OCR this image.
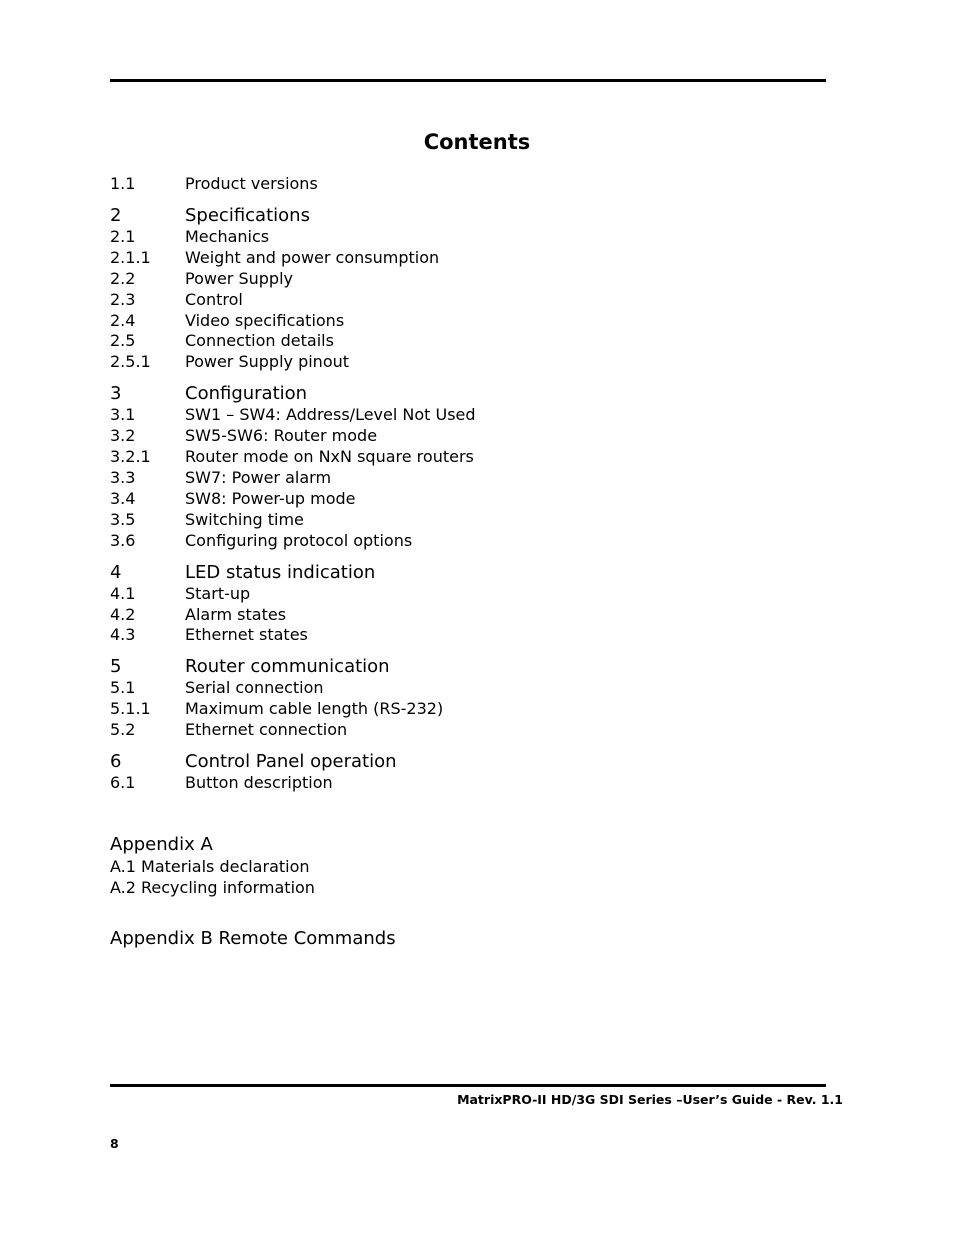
Contents
1.1	Product versions
2	Specifications
2.1	Mechanics
2.1.1	Weight and power consumption
2.2	Power Supply
2.3	Control
2.4	Video specifications
2.5	Connection details
2.5.1	Power Supply pinout
3	Configuration
3.1	SW1 – SW4: Address/Level Not Used
3.2	SW5-SW6: Router mode
3.2.1	Router mode on NxN square routers
3.3	SW7: Power alarm
3.4	SW8: Power-up mode
3.5	Switching time
3.6	Configuring protocol options
4	LED status indication
4.1	Start-up
4.2	Alarm states
4.3	Ethernet states
5	Router communication
5.1	Serial connection
5.1.1	Maximum cable length (RS-232)
5.2	Ethernet connection
6	Control Panel operation
6.1	Button description
Appendix A
A.1 Materials declaration
A.2 Recycling information
Appendix B Remote Commands
MatrixPRO-II HD/3G SDI Series –User’s Guide - Rev. 1.1
8
